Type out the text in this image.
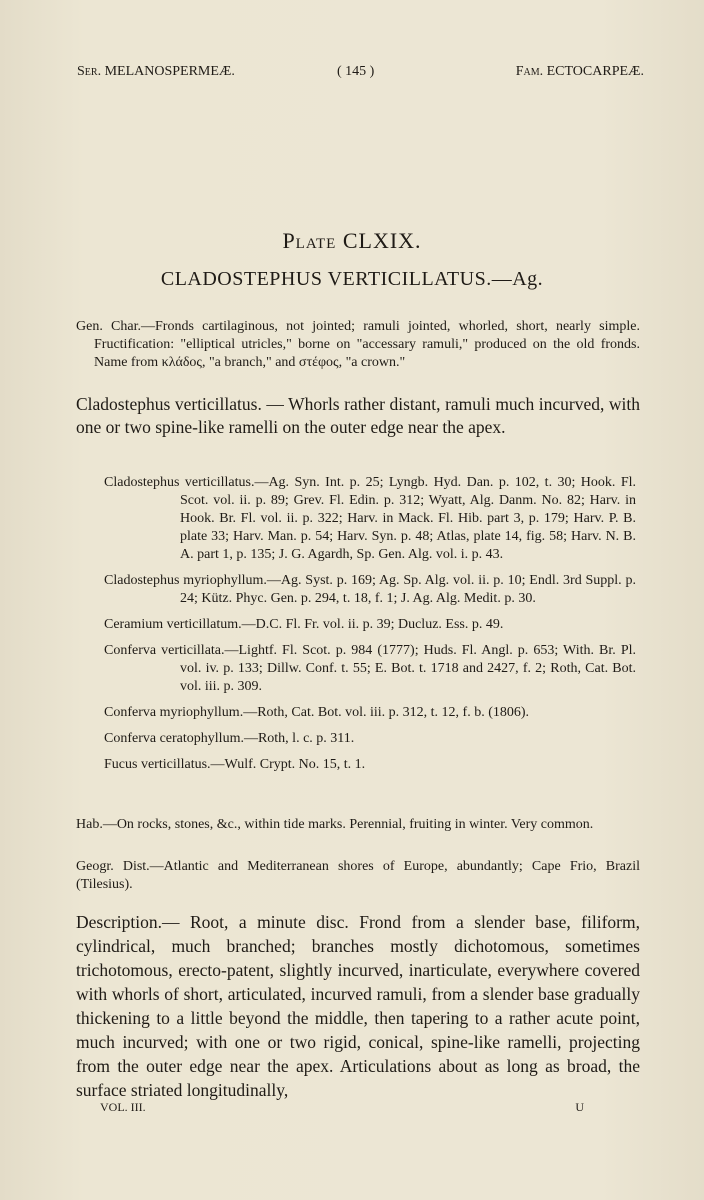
Ser. MELANOSPERMEÆ.	( 145 )	Fam. ECTOCARPEÆ.
Plate CLXIX.
CLADOSTEPHUS VERTICILLATUS.—Ag.
Gen. Char.—Fronds cartilaginous, not jointed; ramuli jointed, whorled, short, nearly simple. Fructification: "elliptical utricles," borne on "accessary ramuli," produced on the old fronds. Name from κλάδος, "a branch," and στέφος, "a crown."
Cladostephus verticillatus. — Whorls rather distant, ramuli much incurved, with one or two spine-like ramelli on the outer edge near the apex.

Cladostephus verticillatus.—Ag. Syn. Int. p. 25; Lyngb. Hyd. Dan. p. 102, t. 30; Hook. Fl. Scot. vol. ii. p. 89; Grev. Fl. Edin. p. 312; Wyatt, Alg. Danm. No. 82; Harv. in Hook. Br. Fl. vol. ii. p. 322; Harv. in Mack. Fl. Hib. part 3, p. 179; Harv. P. B. plate 33; Harv. Man. p. 54; Harv. Syn. p. 48; Atlas, plate 14, fig. 58; Harv. N. B. A. part 1, p. 135; J. G. Agardh, Sp. Gen. Alg. vol. i. p. 43.

Cladostephus myriophyllum.—Ag. Syst. p. 169; Ag. Sp. Alg. vol. ii. p. 10; Endl. 3rd Suppl. p. 24; Kütz. Phyc. Gen. p. 294, t. 18, f. 1; J. Ag. Alg. Medit. p. 30.

Ceramium verticillatum.—D.C. Fl. Fr. vol. ii. p. 39; Ducluz. Ess. p. 49.

Conferva verticillata.—Lightf. Fl. Scot. p. 984 (1777); Huds. Fl. Angl. p. 653; With. Br. Pl. vol. iv. p. 133; Dillw. Conf. t. 55; E. Bot. t. 1718 and 2427, f. 2; Roth, Cat. Bot. vol. iii. p. 309.

Conferva myriophyllum.—Roth, Cat. Bot. vol. iii. p. 312, t. 12, f. b. (1806).

Conferva ceratophyllum.—Roth, l. c. p. 311.

Fucus verticillatus.—Wulf. Crypt. No. 15, t. 1.

Hab.—On rocks, stones, &c., within tide marks. Perennial, fruiting in winter. Very common.
Geogr. Dist.—Atlantic and Mediterranean shores of Europe, abundantly; Cape Frio, Brazil (Tilesius).
Description.— Root, a minute disc. Frond from a slender base, filiform, cylindrical, much branched; branches mostly dichotomous, sometimes trichotomous, erecto-patent, slightly incurved, inarticulate, everywhere covered with whorls of short, articulated, incurved ramuli, from a slender base gradually thickening to a little beyond the middle, then tapering to a rather acute point, much incurved; with one or two rigid, conical, spine-like ramelli, projecting from the outer edge near the apex. Articulations about as long as broad, the surface striated longitudinally,
VOL. III.	U
